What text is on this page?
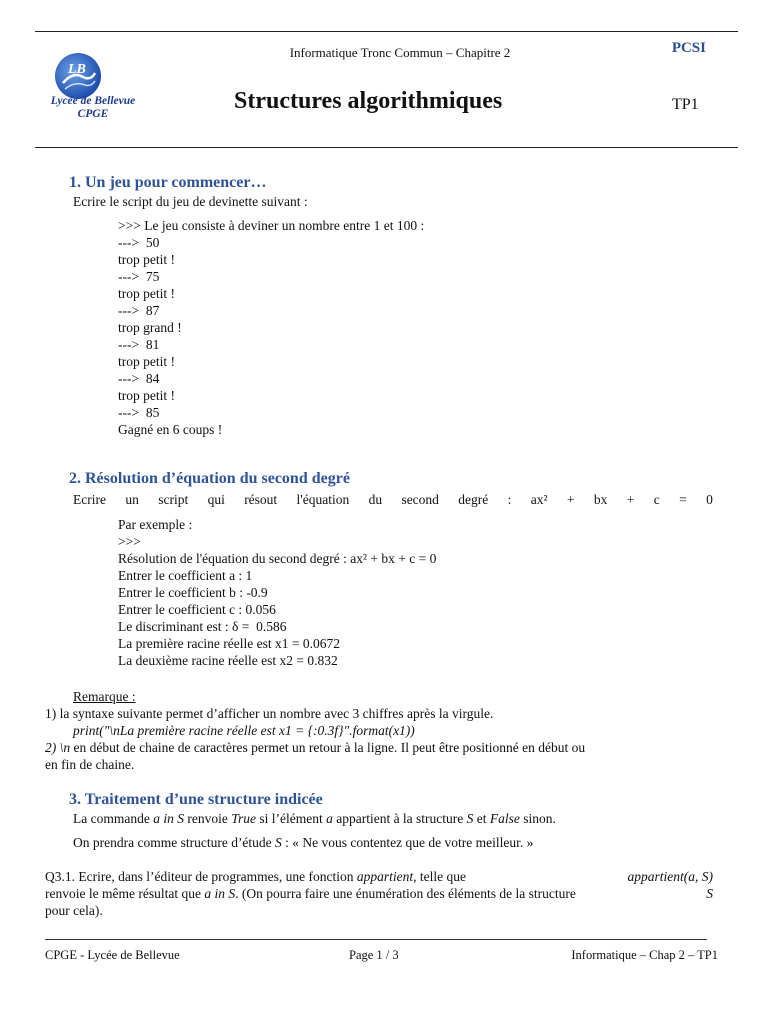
Informatique Tronc Commun – Chapitre 2	PCSI
Structures algorithmiques	TP1
LB
Lycée de Bellevue
CPGE
1. Un jeu pour commencer…
Ecrire le script du jeu de devinette suivant :
>>> Le jeu consiste à deviner un nombre entre 1 et 100 :
--->  50
trop petit !
--->  75
trop petit !
--->  87
trop grand !
--->  81
trop petit !
--->  84
trop petit !
--->  85
Gagné en 6 coups !
2. Résolution d’équation du second degré
Ecrire un script qui résout l'équation du second degré : ax² + bx + c = 0
Par exemple :
>>>
Résolution de l'équation du second degré : ax² + bx + c = 0
Entrer le coefficient a : 1
Entrer le coefficient b : -0.9
Entrer le coefficient c : 0.056
Le discriminant est : δ =  0.586
La première racine réelle est x1 = 0.0672
La deuxième racine réelle est x2 = 0.832
Remarque :
1) la syntaxe suivante permet d’afficher un nombre avec 3 chiffres après la virgule.
print("\nLa première racine réelle est x1 = {:0.3f}".format(x1))
2) \n en début de chaine de caractères permet un retour à la ligne. Il peut être positionné en début ou
en fin de chaine.
3. Traitement d’une structure indicée
La commande a in S renvoie True si l’élément a appartient à la structure S et False sinon.
On prendra comme structure d’étude S : « Ne vous contentez que de votre meilleur. »
Q3.1. Ecrire, dans l’éditeur de programmes, une fonction appartient, telle que	appartient(a, S)
renvoie le même résultat que a in S. (On pourra faire une énumération des éléments de la structure	S
pour cela).
CPGE - Lycée de Bellevue	Page 1 / 3	Informatique – Chap 2 – TP1
